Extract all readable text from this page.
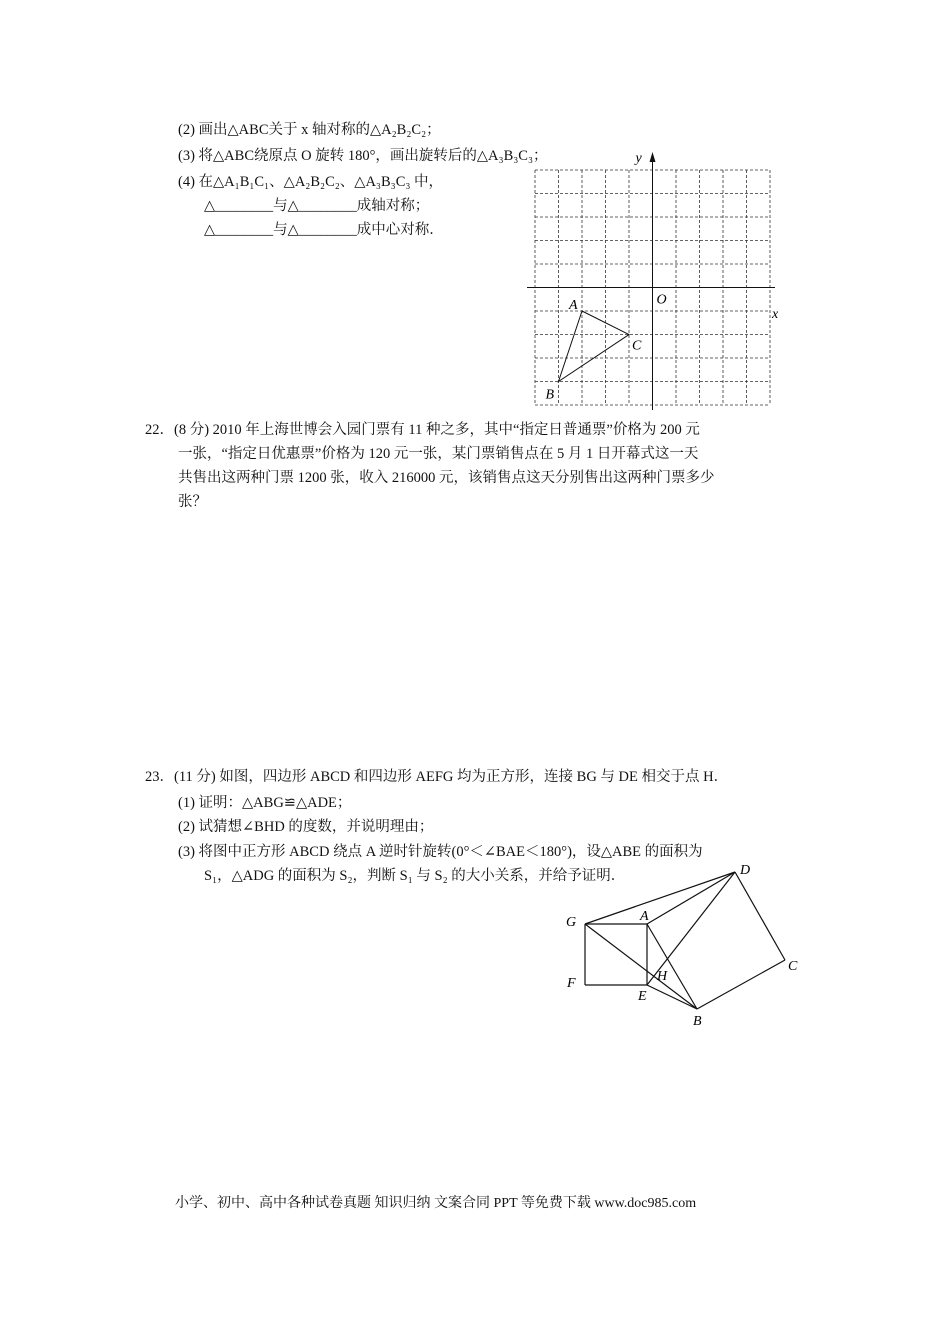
(2) 画出△ABC关于 x 轴对称的△A₂B₂C₂；
(3) 将△ABC绕原点 O 旋转 180°，画出旋转后的△A₃B₃C₃；
(4) 在△A₁B₁C₁、△A₂B₂C₂、△A₃B₃C₃ 中，
△________与△________成轴对称；
△________与△________成中心对称．
y
x
O
A
B
C
G	A
D
F
E
H
C
B
22．(8 分) 2010 年上海世博会入园门票有 11 种之多，其中“指定日普通票”价格为 200 元
一张，“指定日优惠票”价格为 120 元一张，某门票销售点在 5 月 1 日开幕式这一天
共售出这两种门票 1200 张，收入 216000 元，该销售点这天分别售出这两种门票多少
张？
23．(11 分) 如图，四边形 ABCD 和四边形 AEFG 均为正方形，连接 BG 与 DE 相交于点 H．
(1) 证明：△ABG≌△ADE；
(2) 试猜想∠BHD 的度数，并说明理由；
(3) 将图中正方形 ABCD 绕点 A 逆时针旋转(0°＜∠BAE＜180°)，设△ABE 的面积为
S₁，△ADG 的面积为 S₂，判断 S₁ 与 S₂ 的大小关系，并给予证明．
小学、初中、高中各种试卷真题 知识归纳 文案合同 PPT 等免费下载 www.doc985.com
